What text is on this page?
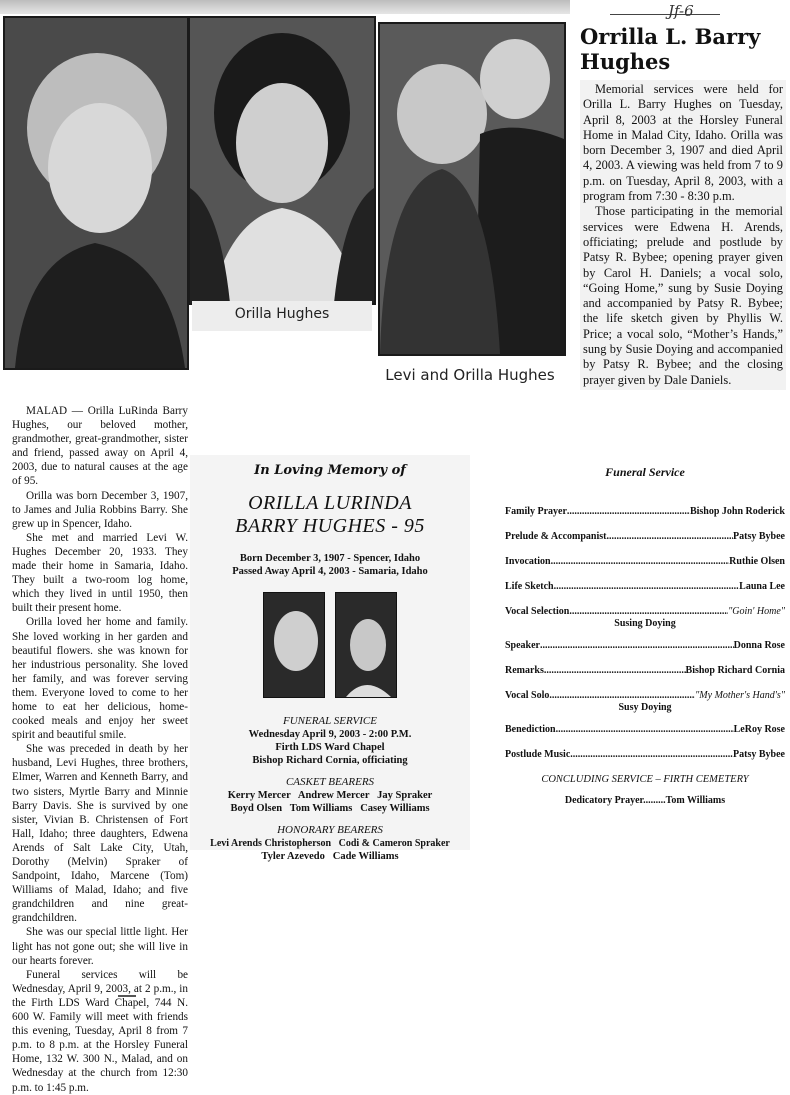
Orilla Hughes
Levi and Orilla Hughes
Jf-6
Orrilla L. Barry Hughes

Memorial services were held for Orilla L. Barry Hughes on Tuesday, April 8, 2003 at the Horsley Funeral Home in Malad City, Idaho. Orilla was born December 3, 1907 and died April 4, 2003. A viewing was held from 7 to 9 p.m. on Tuesday, April 8, 2003, with a program from 7:30 - 8:30 p.m.

Those participating in the memorial services were Edwena H. Arends, officiating; prelude and postlude by Patsy R. Bybee; opening prayer given by Carol H. Daniels; a vocal solo, “Going Home,” sung by Susie Doying and accompanied by Patsy R. Bybee; the life sketch given by Phyllis W. Price; a vocal solo, “Mother’s Hands,” sung by Susie Doying and accompanied by Patsy R. Bybee; and the closing prayer given by Dale Daniels.

MALAD — Orilla LuRinda Barry Hughes, our beloved mother, grandmother, great-grandmother, sister and friend, passed away on April 4, 2003, due to natural causes at the age of 95.

Orilla was born December 3, 1907, to James and Julia Robbins Barry. She grew up in Spencer, Idaho.

She met and married Levi W. Hughes December 20, 1933. They made their home in Samaria, Idaho. They built a two-room log home, which they lived in until 1950, then built their present home.

Orilla loved her home and family. She loved working in her garden and beautiful flowers. she was known for her industrious personality. She loved her family, and was forever serving them. Everyone loved to come to her home to eat her delicious, home-cooked meals and enjoy her sweet spirit and beautiful smile.

She was preceded in death by her husband, Levi Hughes, three brothers, Elmer, Warren and Kenneth Barry, and two sisters, Myrtle Barry and Minnie Barry Davis. She is survived by one sister, Vivian B. Christensen of Fort Hall, Idaho; three daughters, Edwena Arends of Salt Lake City, Utah, Dorothy (Melvin) Spraker of Sandpoint, Idaho, Marcene (Tom) Williams of Malad, Idaho; and five grandchildren and nine great-grandchildren.

She was our special little light. Her light has not gone out; she will live in our hearts forever.

Funeral services will be Wednesday, April 9, 2003, at 2 p.m., in the Firth LDS Ward Chapel, 744 N. 600 W. Family will meet with friends this evening, Tuesday, April 8 from 7 p.m. to 8 p.m. at the Horsley Funeral Home, 132 W. 300 N., Malad, and on Wednesday at the church from 12:30 p.m. to 1:45 p.m.

In Loving Memory of
ORILLA LURINDA
BARRY HUGHES - 95
Born December 3, 1907 - Spencer, Idaho
Passed Away April 4, 2003 - Samaria, Idaho
FUNERAL SERVICE
Wednesday April 9, 2003 - 2:00 P.M.
Firth LDS Ward Chapel
Bishop Richard Cornia, officiating
CASKET BEARERS
Kerry Mercer   Andrew Mercer   Jay Spraker
Boyd Olsen   Tom Williams   Casey Williams
HONORARY BEARERS
Levi Arends Christopherson   Codi & Cameron Spraker
Tyler Azevedo   Cade Williams
Funeral Service
Family Prayer .....	Bishop John Roderick
Prelude & Accompanist .....	Patsy Bybee
Invocation .....	Ruthie Olsen
Life Sketch .....	Launa Lee
Vocal Selection .....	"Goin' Home"
Susing Doying
Speaker .....	Donna Rose
Remarks .....	Bishop Richard Cornia
Vocal Solo .....	"My Mother's Hand's"
Susy Doying
Benediction .....	LeRoy Rose
Postlude Music .....	Patsy Bybee
CONCLUDING SERVICE – FIRTH CEMETERY
Dedicatory Prayer.........Tom Williams
